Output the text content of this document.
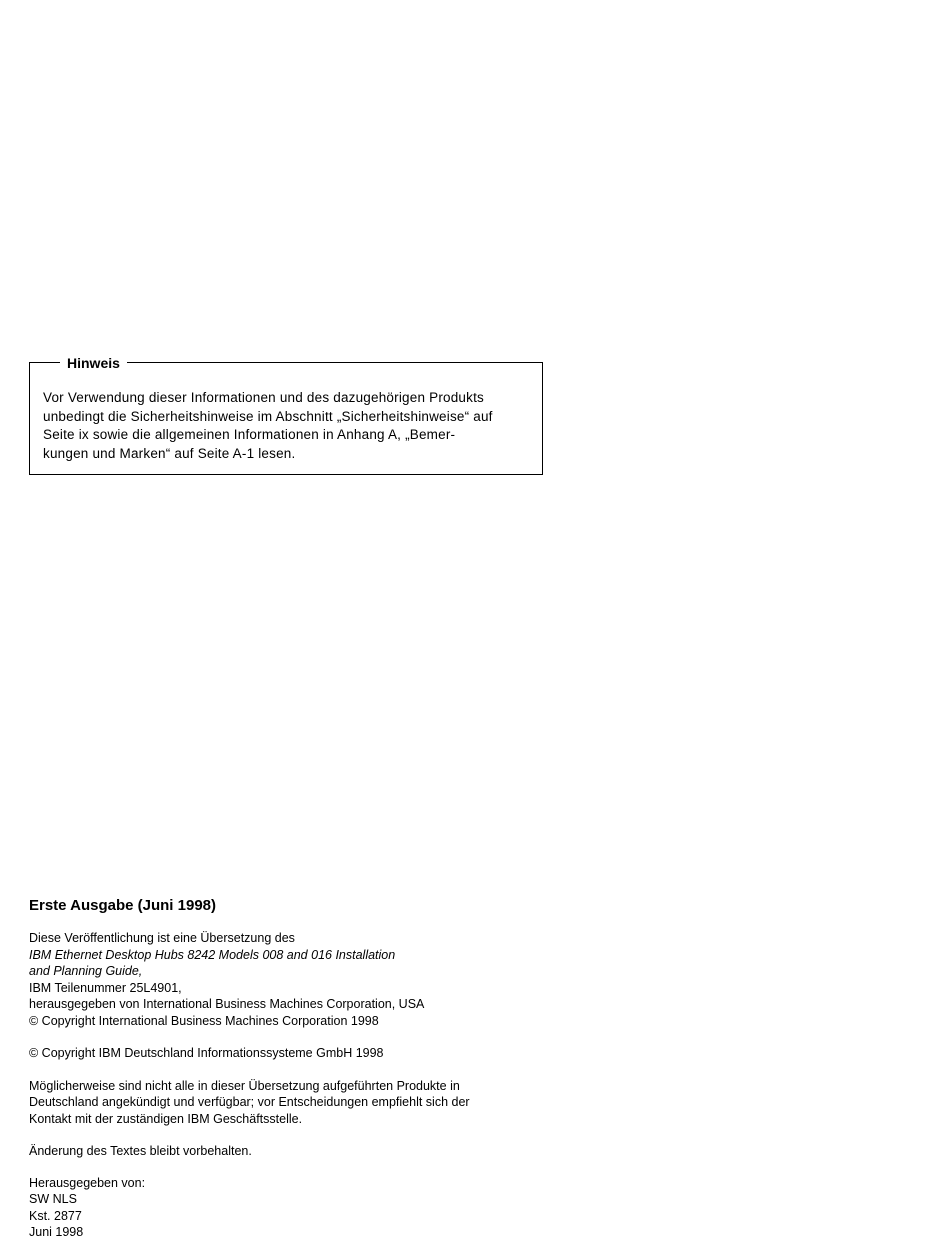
Hinweis
Vor Verwendung dieser Informationen und des dazugehörigen Produkts
unbedingt die Sicherheitshinweise im Abschnitt „Sicherheitshinweise“ auf
Seite ix sowie die allgemeinen Informationen in Anhang A, „Bemer-
kungen und Marken“ auf Seite A-1 lesen.
Erste Ausgabe (Juni 1998)
Diese Veröffentlichung ist eine Übersetzung des
IBM Ethernet Desktop Hubs 8242 Models 008 and 016 Installation
and Planning Guide,
IBM Teilenummer 25L4901,
herausgegeben von International Business Machines Corporation, USA
© Copyright International Business Machines Corporation 1998
© Copyright IBM Deutschland Informationssysteme GmbH 1998
Möglicherweise sind nicht alle in dieser Übersetzung aufgeführten Produkte in
Deutschland angekündigt und verfügbar; vor Entscheidungen empfiehlt sich der
Kontakt mit der zuständigen IBM Geschäftsstelle.
Änderung des Textes bleibt vorbehalten.
Herausgegeben von:
SW NLS
Kst. 2877
Juni 1998
